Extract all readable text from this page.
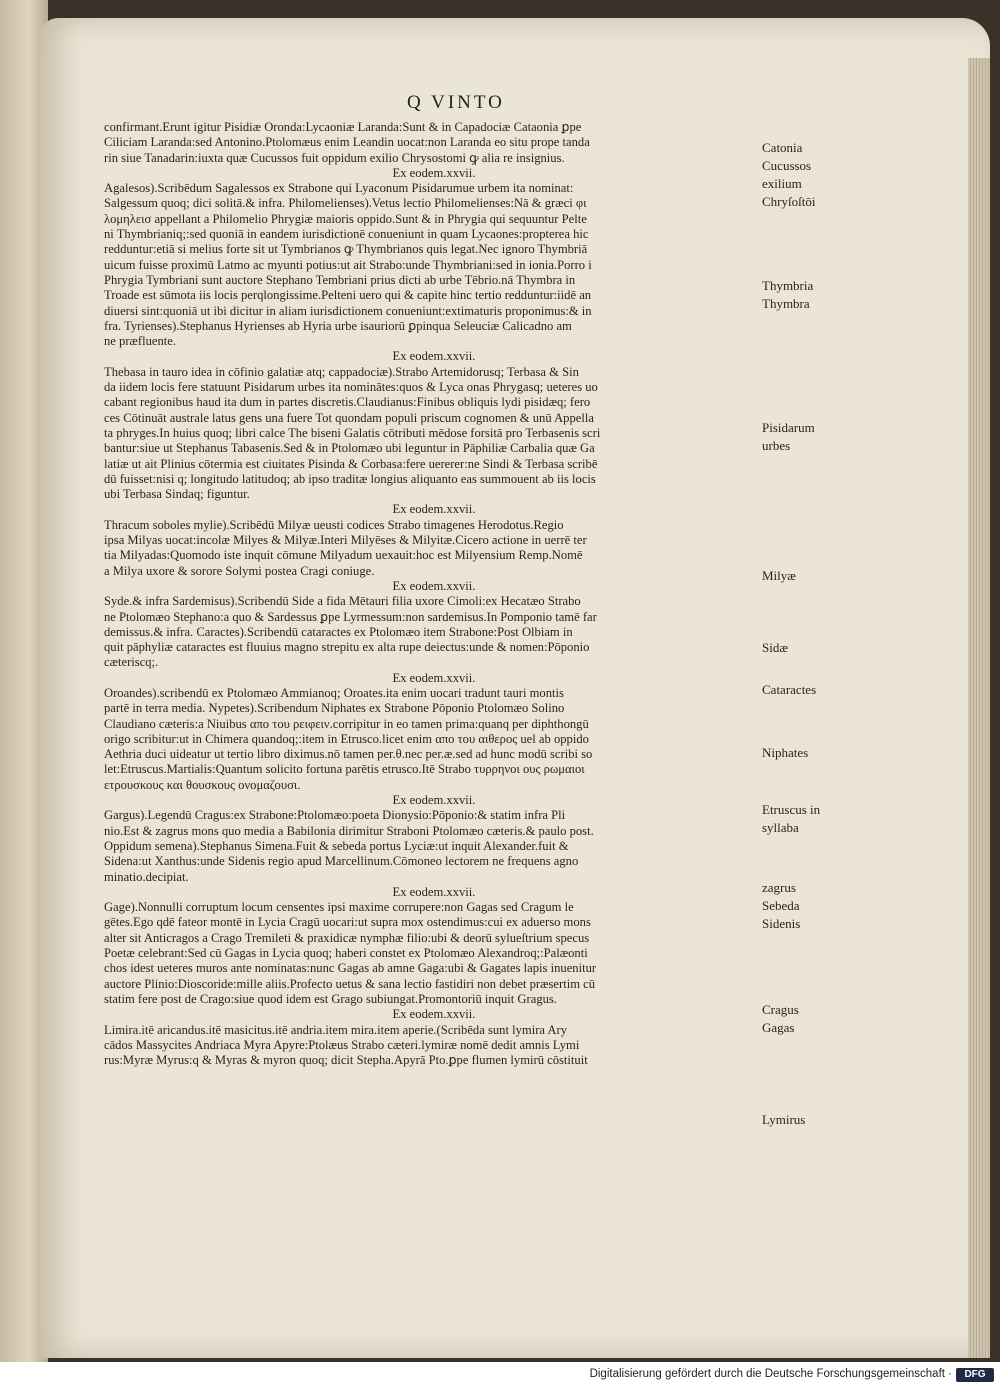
Q VINTO
confirmant.Erunt igitur Pisidiæ Oronda:Lycaoniæ Laranda:Sunt & in Capadociæ Cataonia ꝑpe
Ciliciam Laranda:sed Antonino.Ptolomæus enim Leandin uocat:non Laranda eo situ prope tanda
rin siue Tanadarin:iuxta quæ Cucussos fuit oppidum exilio Chrysostomi ꝙ alia re insignius.
Ex eodem.xxvii.
Agalesos).Scribēdum Sagalessos ex Strabone qui Lyaconum Pisidarumue urbem ita nominat:
Salgessum quoq; dici solitā.& infra. Philomelienses).Vetus lectio Philomelienses:Nā & græci φι
λομηλεισ appellant a Philomelio Phrygiæ maioris oppido.Sunt & in Phrygia qui sequuntur Pelte
ni Thymbrianiq;:sed quoniā in eandem iurisdictionē conueniunt in quam Lycaones:propterea hic
redduntur:etiā si melius forte sit ut Tymbrianos ꝙ Thymbrianos quis legat.Nec ignoro Thymbriā
uicum fuisse proximū Latmo ac myunti potius:ut ait Strabo:unde Thymbriani:sed in ionia.Porro i
Phrygia Tymbriani sunt auctore Stephano Tembriani prius dicti ab urbe Tēbrio.nā Thymbra in
Troade est sūmota iis locis perqlongissime.Pelteni uero qui & capite hinc tertio redduntur:iidē an
diuersi sint:quoniā ut ibi dicitur in aliam iurisdictionem conueniunt:extimaturis proponimus:& in
fra. Tyrienses).Stephanus Hyrienses ab Hyria urbe isauriorū ꝑpinqua Seleuciæ Calicadno am
ne præfluente.
Ex eodem.xxvii.
Thebasa in tauro idea in cōfinio galatiæ atq; cappadociæ).Strabo Artemidorusq; Terbasa & Sin
da iidem locis fere statuunt Pisidarum urbes ita nominātes:quos & Lyca onas Phrygasq; ueteres uo
cabant regionibus haud ita dum in partes discretis.Claudianus:Finibus obliquis lydi pisidæq; fero
ces Cōtinuāt australe latus gens una fuere Tot quondam populi priscum cognomen & unū Appella
ta phryges.In huius quoq; libri calce The biseni Galatis cōtributi mēdose forsitā pro Terbasenis scri
bantur:siue ut Stephanus Tabasenis.Sed & in Ptolomæo ubi leguntur in Pāphiliæ Carbalia quæ Ga
latiæ ut ait Plinius cōtermia est ciuitates Pisinda & Corbasa:fere uererer:ne Sindi & Terbasa scribē
dū fuisset:nisi q; longitudo latitudoq; ab ipso traditæ longius aliquanto eas summouent ab iis locis
ubi Terbasa Sindaq; figuntur.
Ex eodem.xxvii.
Thracum soboles mylie).Scribēdū Milyæ ueusti codices Strabo timagenes Herodotus.Regio
ipsa Milyas uocat:incolæ Milyes & Milyæ.Interi Milyēses & Milyitæ.Cicero actione in uerrē ter
tia Milyadas:Quomodo iste inquit cōmune Milyadum uexauit:hoc est Milyensium Remp.Nomē
a Milya uxore & sorore Solymi postea Cragi coniuge.
Ex eodem.xxvii.
Syde.& infra Sardemisus).Scribendū Side a fida Mētauri filia uxore Cimoli:ex Hecatæo Strabo
ne Ptolomæo Stephano:a quo & Sardessus ꝑpe Lyrmessum:non sardemisus.In Pomponio tamē far
demissus.& infra. Caractes).Scribendū cataractes ex Ptolomæo item Strabone:Post Olbiam in
quit pāphyliæ cataractes est fluuius magno strepitu ex alta rupe deiectus:unde & nomen:Pōponio
cæteriscq;.
Ex eodem.xxvii.
Oroandes).scribendū ex Ptolomæo Ammianoq; Oroates.ita enim uocari tradunt tauri montis
partē in terra media. Nypetes).Scribendum Niphates ex Strabone Pōponio Ptolomæo Solino
Claudiano cæteris:a Niuibus απο του ρειφειν.corripitur in eo tamen prima:quanq per diphthongū
origo scribitur:ut in Chimera quandoq;:item in Etrusco.licet enim απο του αιθερος uel ab oppido
Aethria duci uideatur ut tertio libro diximus.nō tamen per.θ.nec per.æ.sed ad hunc modū scribi so
let:Etruscus.Martialis:Quantum solicito fortuna parētis etrusco.Itē Strabo τυρρηνοι ους ρωμαιοι
ετρουσκους και θουσκους ονομαζουσι.
Ex eodem.xxvii.
Gargus).Legendū Cragus:ex Strabone:Ptolomæo:poeta Dionysio:Pōponio:& statim infra Pli
nio.Est & zagrus mons quo media a Babilonia dirimitur Straboni Ptolomæo cæteris.& paulo post.
Oppidum semena).Stephanus Simena.Fuit & sebeda portus Lyciæ:ut inquit Alexander.fuit &
Sidena:ut Xanthus:unde Sidenis regio apud Marcellinum.Cōmoneo lectorem ne frequens agno
minatio.decipiat.
Ex eodem.xxvii.
Gage).Nonnulli corruptum locum censentes ipsi maxime corrupere:non Gagas sed Cragum le
gētes.Ego qdē fateor montē in Lycia Cragū uocari:ut supra mox ostendimus:cui ex aduerso mons
alter sit Anticragos a Crago Tremileti & praxidicæ nymphæ filio:ubi & deorū sylueſtrium specus
Poetæ celebrant:Sed cū Gagas in Lycia quoq; haberi constet ex Ptolomæo Alexandroq;:Palæonti
chos idest ueteres muros ante nominatas:nunc Gagas ab amne Gaga:ubi & Gagates lapis inuenitur
auctore Plinio:Dioscoride:mille aliis.Profecto uetus & sana lectio fastidiri non debet præsertim cū
statim fere post de Crago:siue quod idem est Grago subiungat.Promontoriū inquit Gragus.
Ex eodem.xxvii.
Limira.itē aricandus.itē masicitus.itē andria.item mira.item aperie.(Scribēda sunt lymira Ary
cādos Massycites Andriaca Myra Apyre:Ptolæus Strabo cæteri.lymiræ nomē dedit amnis Lymi
rus:Myræ Myrus:q & Myras & myron quoq; dicit Stepha.Apyrā Pto.ꝑpe flumen lymirū cōstituit
Catonia
Cucussos
exilium
Chryſoſtōi
Thymbria
Thymbra
Pisidarum
urbes
Milyæ
Sidæ
Cataractes
Niphates
Etruscus in
syllaba
zagrus
Sebeda
Sidenis
Cragus
Gagas
Lymirus
Digitalisierung gefördert durch die Deutsche Forschungsgemeinschaft ·	DFG
